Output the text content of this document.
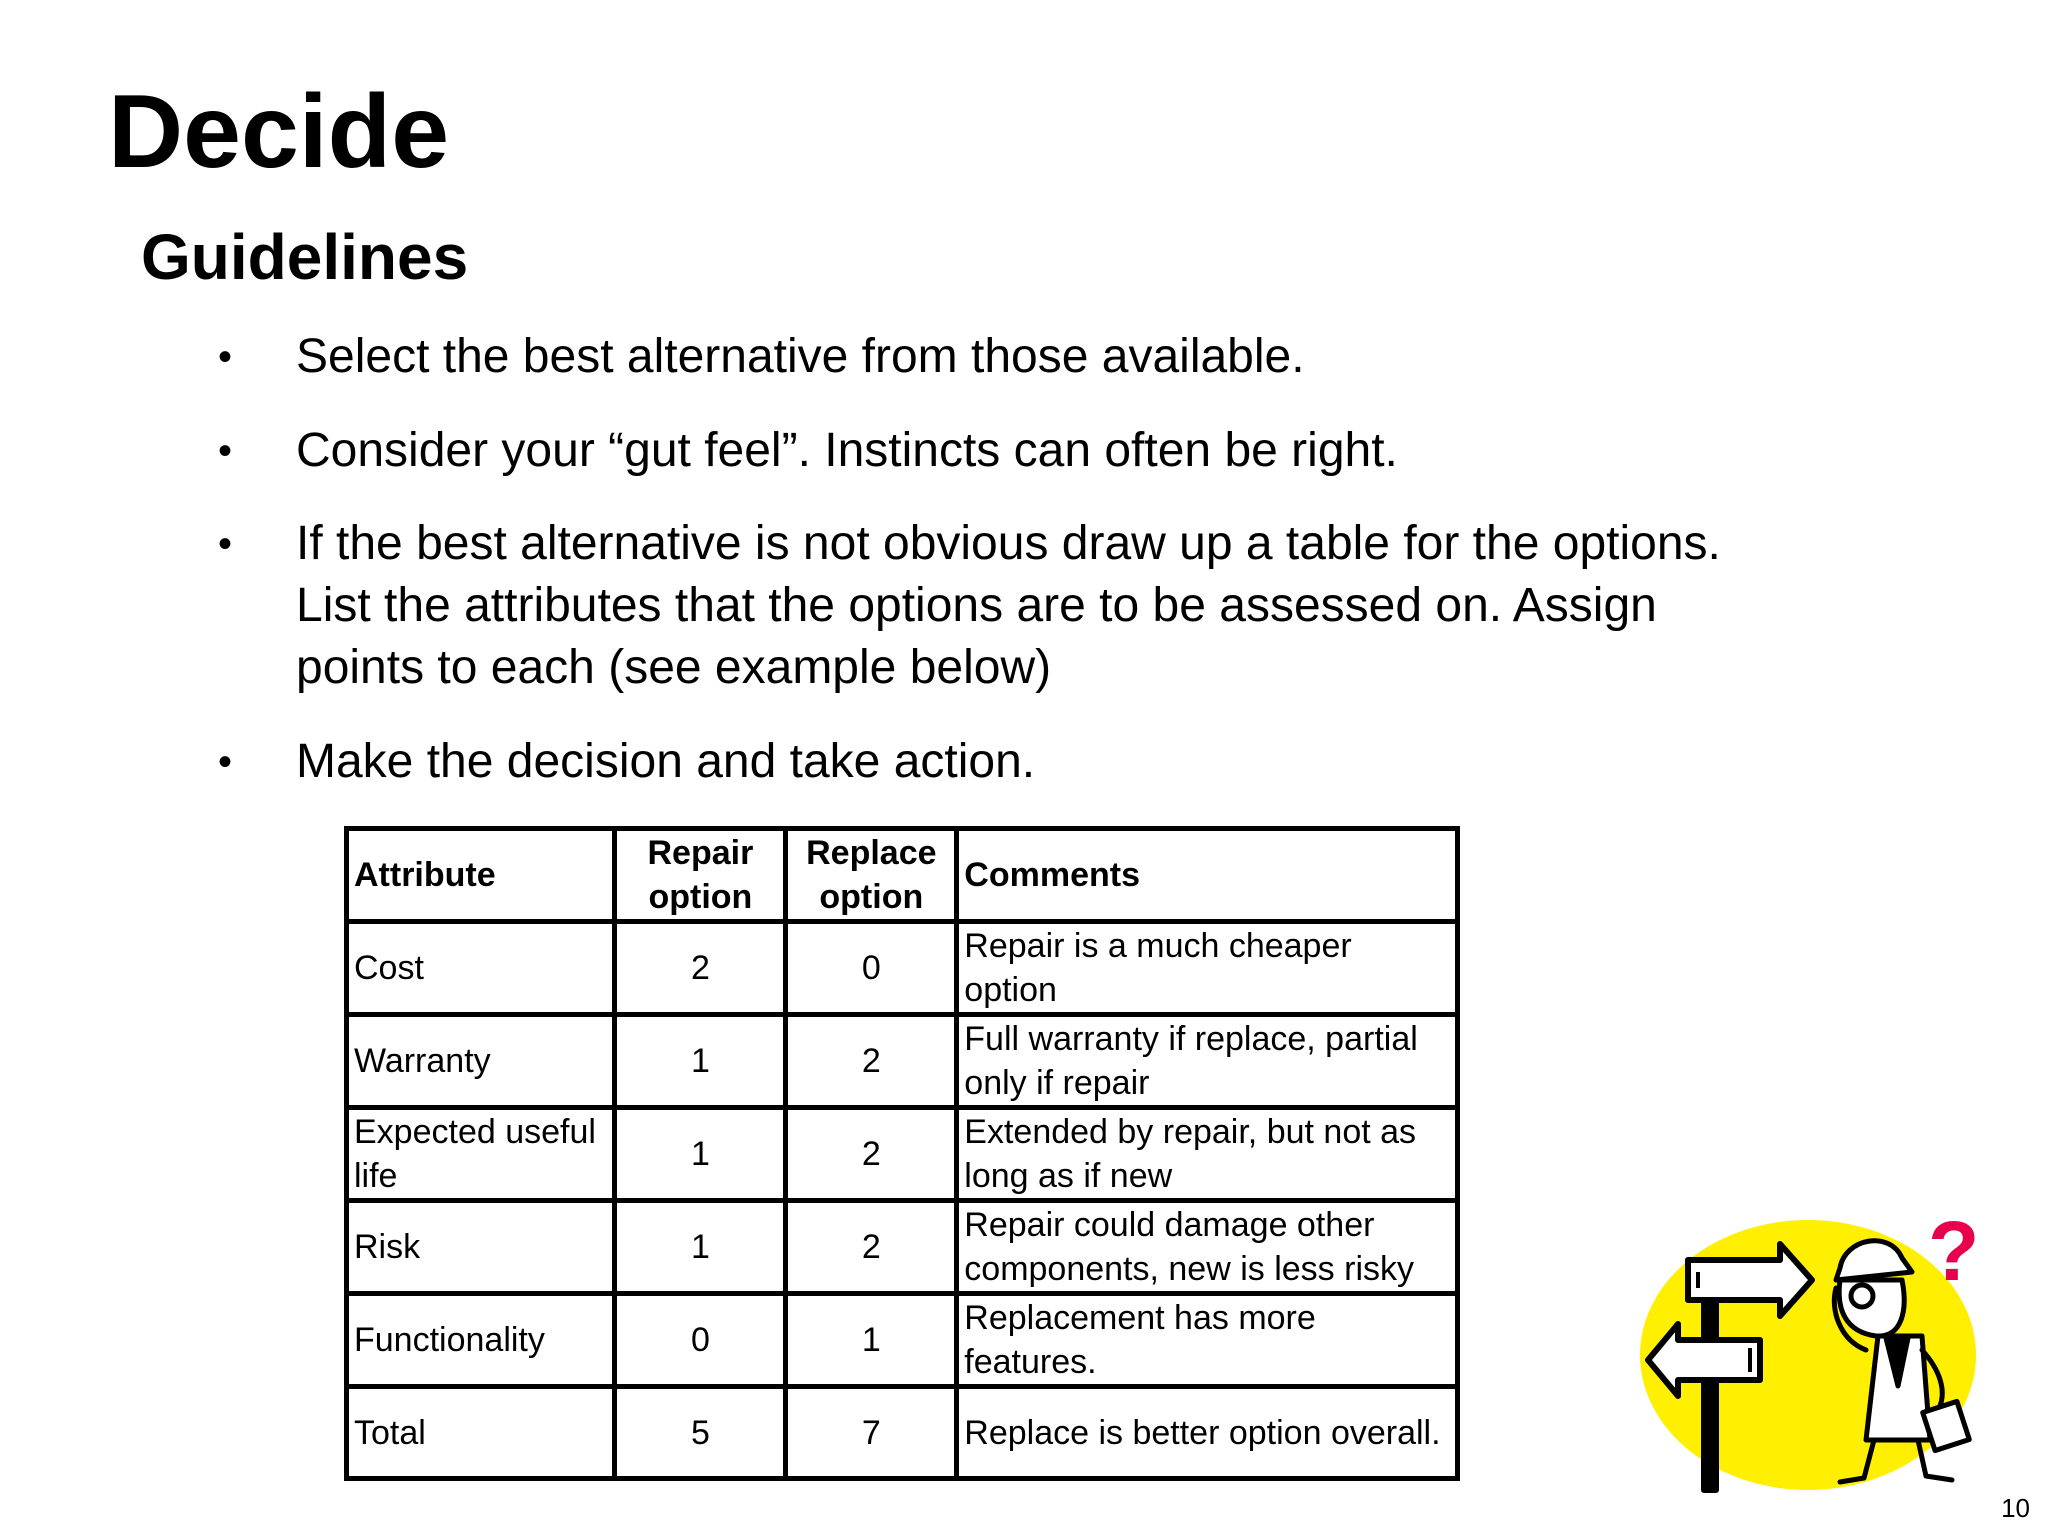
Decide
Guidelines
• Select the best alternative from those available.
• Consider your “gut feel”. Instincts can often be right.
• If the best alternative is not obvious draw up a table for the options.
List the attributes that the options are to be assessed on. Assign
points to each (see example below)
• Make the decision and take action.
Attribute	Repair option	Replace option	Comments
Cost	2	0	Repair is a much cheaper option
Warranty	1	2	Full warranty if replace, partial only if repair
Expected useful life	1	2	Extended by repair, but not as long as if new
Risk	1	2	Repair could damage other components, new is less risky
Functionality	0	1	Replacement has more features.
Total	5	7	Replace is better option overall.
?
10
